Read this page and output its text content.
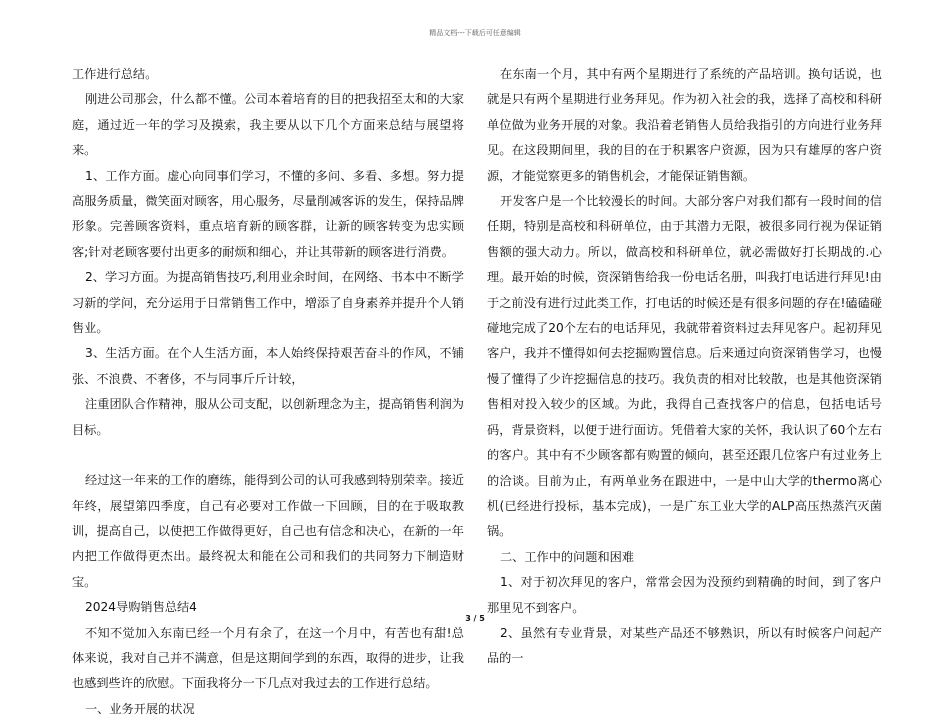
精品文档---下载后可任意编辑

工作进行总结。

刚进公司那会，什么都不懂。公司本着培育的目的把我招至太和的大家庭，通过近一年的学习及摸索，我主要从以下几个方面来总结与展望将来。

1、工作方面。虚心向同事们学习，不懂的多问、多看、多想。努力提高服务质量，微笑面对顾客，用心服务，尽量削减客诉的发生，保持品牌形象。完善顾客资料，重点培育新的顾客群，让新的顾客转变为忠实顾客;针对老顾客要付出更多的耐烦和细心，并让其带新的顾客进行消费。

2、学习方面。为提高销售技巧,利用业余时间，在网络、书本中不断学习新的学问，充分运用于日常销售工作中，增添了自身素养并提升个人销售业。

3、生活方面。在个人生活方面，本人始终保持艰苦奋斗的作风，不铺张、不浪费、不奢侈，不与同事斤斤计较，

注重团队合作精神，服从公司支配，以创新理念为主，提高销售利润为目标。

经过这一年来的工作的磨练，能得到公司的认可我感到特别荣幸。接近年终，展望第四季度，自己有必要对工作做一下回顾，目的在于吸取教训，提高自己，以使把工作做得更好，自己也有信念和决心，在新的一年内把工作做得更杰出。最终祝太和能在公司和我们的共同努力下制造财宝。

2024导购销售总结4

不知不觉加入东南已经一个月有余了，在这一个月中，有苦也有甜!总体来说，我对自己并不满意，但是这期间学到的东西，取得的进步，让我也感到些许的欣慰。下面我将分一下几点对我过去的工作进行总结。

一、业务开展的状况

在东南一个月，其中有两个星期进行了系统的产品培训。换句话说，也就是只有两个星期进行业务拜见。作为初入社会的我，选择了高校和科研单位做为业务开展的对象。我沿着老销售人员给我指引的方向进行业务拜见。在这段期间里，我的目的在于积累客户资源，因为只有雄厚的客户资源，才能觉察更多的销售机会，才能保证销售额。

开发客户是一个比较漫长的时间。大部分客户对我们都有一段时间的信任期，特别是高校和科研单位，由于其潜力无限，被很多同行视为保证销售额的强大动力。所以，做高校和科研单位，就必需做好打长期战的.心理。最开始的时候，资深销售给我一份电话名册，叫我打电话进行拜见!由于之前没有进行过此类工作，打电话的时候还是有很多问题的存在!磕磕碰碰地完成了20个左右的电话拜见，我就带着资料过去拜见客户。起初拜见客户，我并不懂得如何去挖掘购置信息。后来通过向资深销售学习，也慢慢了懂得了少许挖掘信息的技巧。我负责的相对比较散，也是其他资深销售相对投入较少的区域。为此，我得自己查找客户的信息，包括电话号码，背景资料，以便于进行面访。凭借着大家的关怀，我认识了60个左右的客户。其中有不少顾客都有购置的倾向，甚至还跟几位客户有过业务上的洽谈。目前为止，有两单业务在跟进中，一是中山大学的thermo离心机(已经进行投标，基本完成)，一是广东工业大学的ALP高压热蒸汽灭菌锅。

二、工作中的问题和困难

1、对于初次拜见的客户，常常会因为没预约到精确的时间，到了客户那里见不到客户。

2、虽然有专业背景，对某些产品还不够熟识，所以有时候客户问起产品的一

3 / 5
